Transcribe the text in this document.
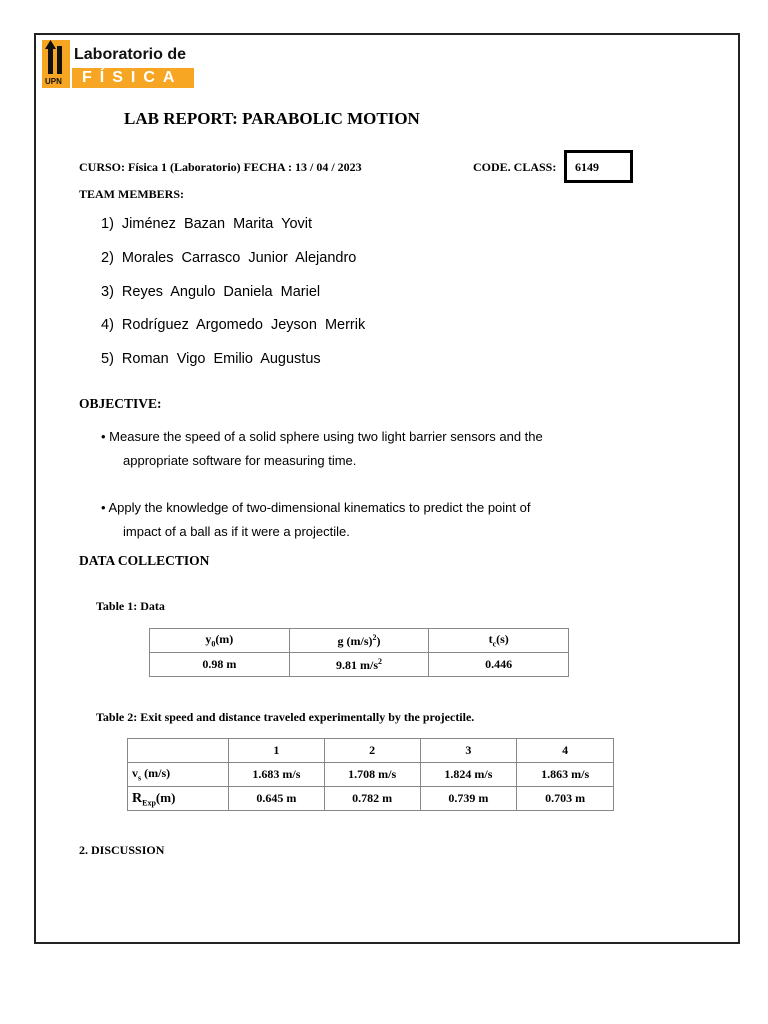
UPN
Laboratorio de
FÍSICA
LAB REPORT: PARABOLIC MOTION
CURSO: Física 1 (Laboratorio) FECHA : 13 / 04 / 2023	CODE. CLASS:	6149
TEAM MEMBERS:
1) Jiménez Bazan Marita Yovit
2) Morales Carrasco Junior Alejandro
3) Reyes Angulo Daniela Mariel
4) Rodríguez Argomedo Jeyson Merrik
5) Roman Vigo Emilio Augustus
OBJECTIVE:
• Measure the speed of a solid sphere using two light barrier sensors and the
appropriate software for measuring time.
• Apply the knowledge of two-dimensional kinematics to predict the point of
impact of a ball as if it were a projectile.
DATA COLLECTION
Table 1: Data
$y_0(m)$	g $(m/s)^2$)	$t_c(s)$
0.98 m	9.81 $m/s^2$	0.446
Table 2: Exit speed and distance traveled experimentally by the projectile.
	1	2	3	4
$v_s$ (m/s)	1.683 m/s	1.708 m/s	1.824 m/s	1.863 m/s
$R_{Exp}(m)$	0.645 m	0.782 m	0.739 m	0.703 m
2. DISCUSSION
